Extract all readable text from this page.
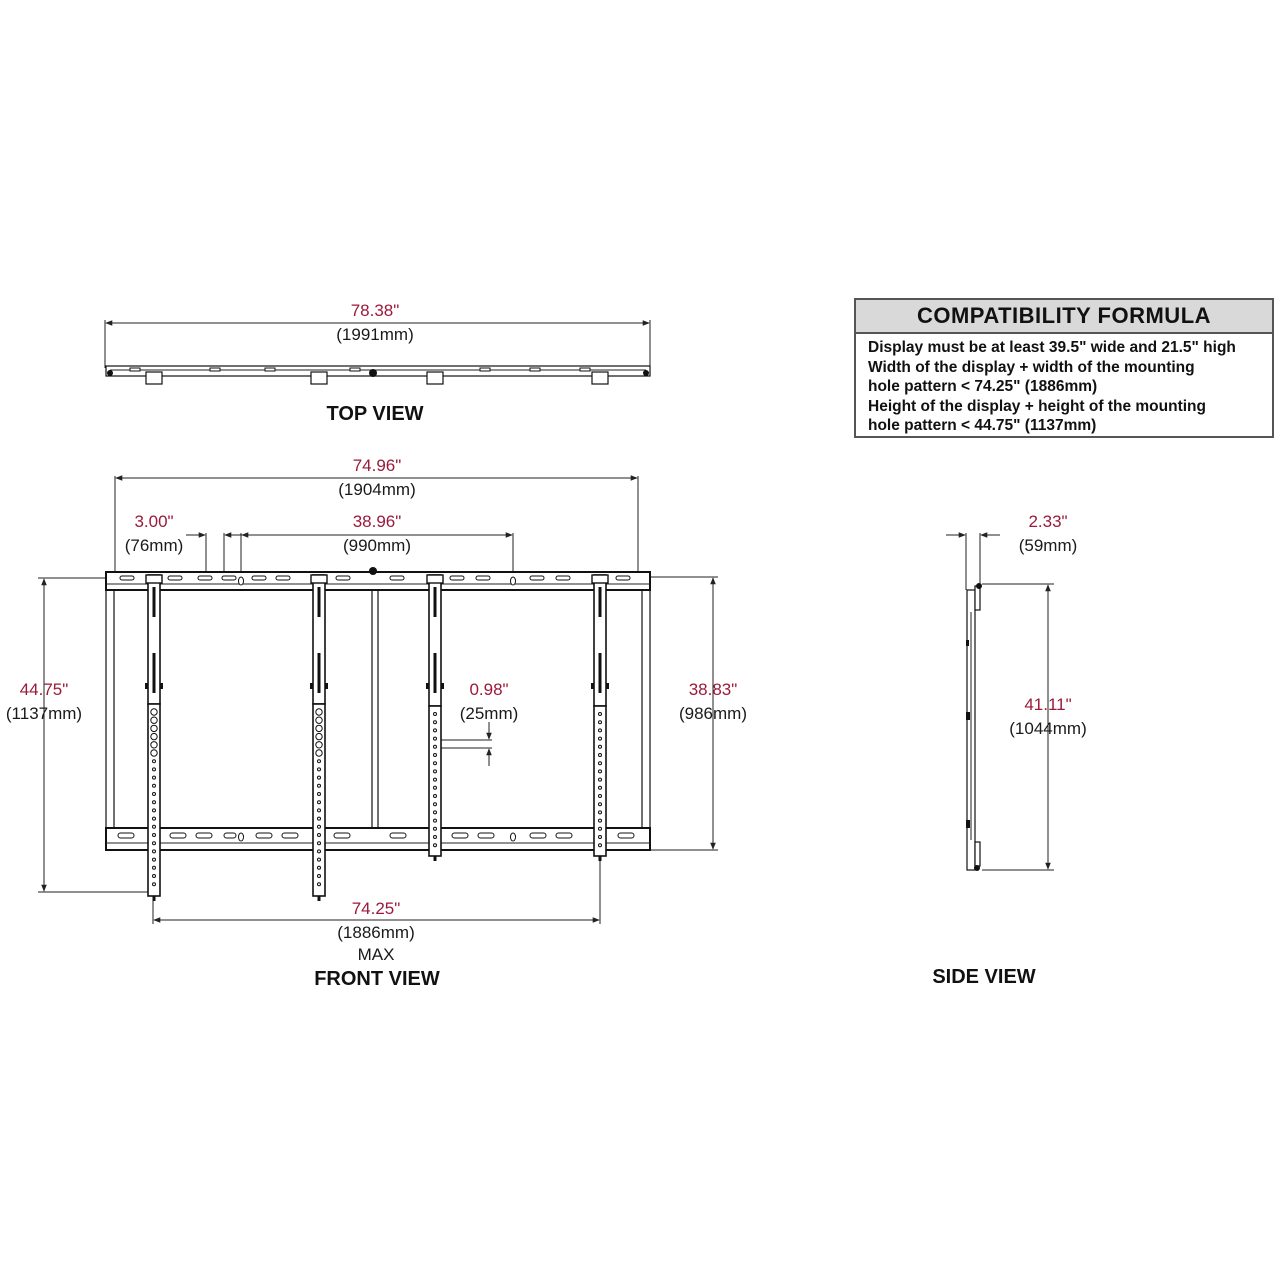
78.38"
(1991mm)
TOP VIEW
74.96"
(1904mm)
3.00"
(76mm)
38.96"
(990mm)
44.75"
(1137mm)
38.83"
(986mm)
0.98"
(25mm)
74.25"
(1886mm)
MAX
FRONT VIEW
2.33"
(59mm)
41.11"
(1044mm)
SIDE VIEW
COMPATIBILITY FORMULA
Display must be at least 39.5" wide and 21.5" high
Width of the display + width of the mounting
hole pattern < 74.25" (1886mm)
Height of the display + height of the mounting
hole pattern < 44.75" (1137mm)
